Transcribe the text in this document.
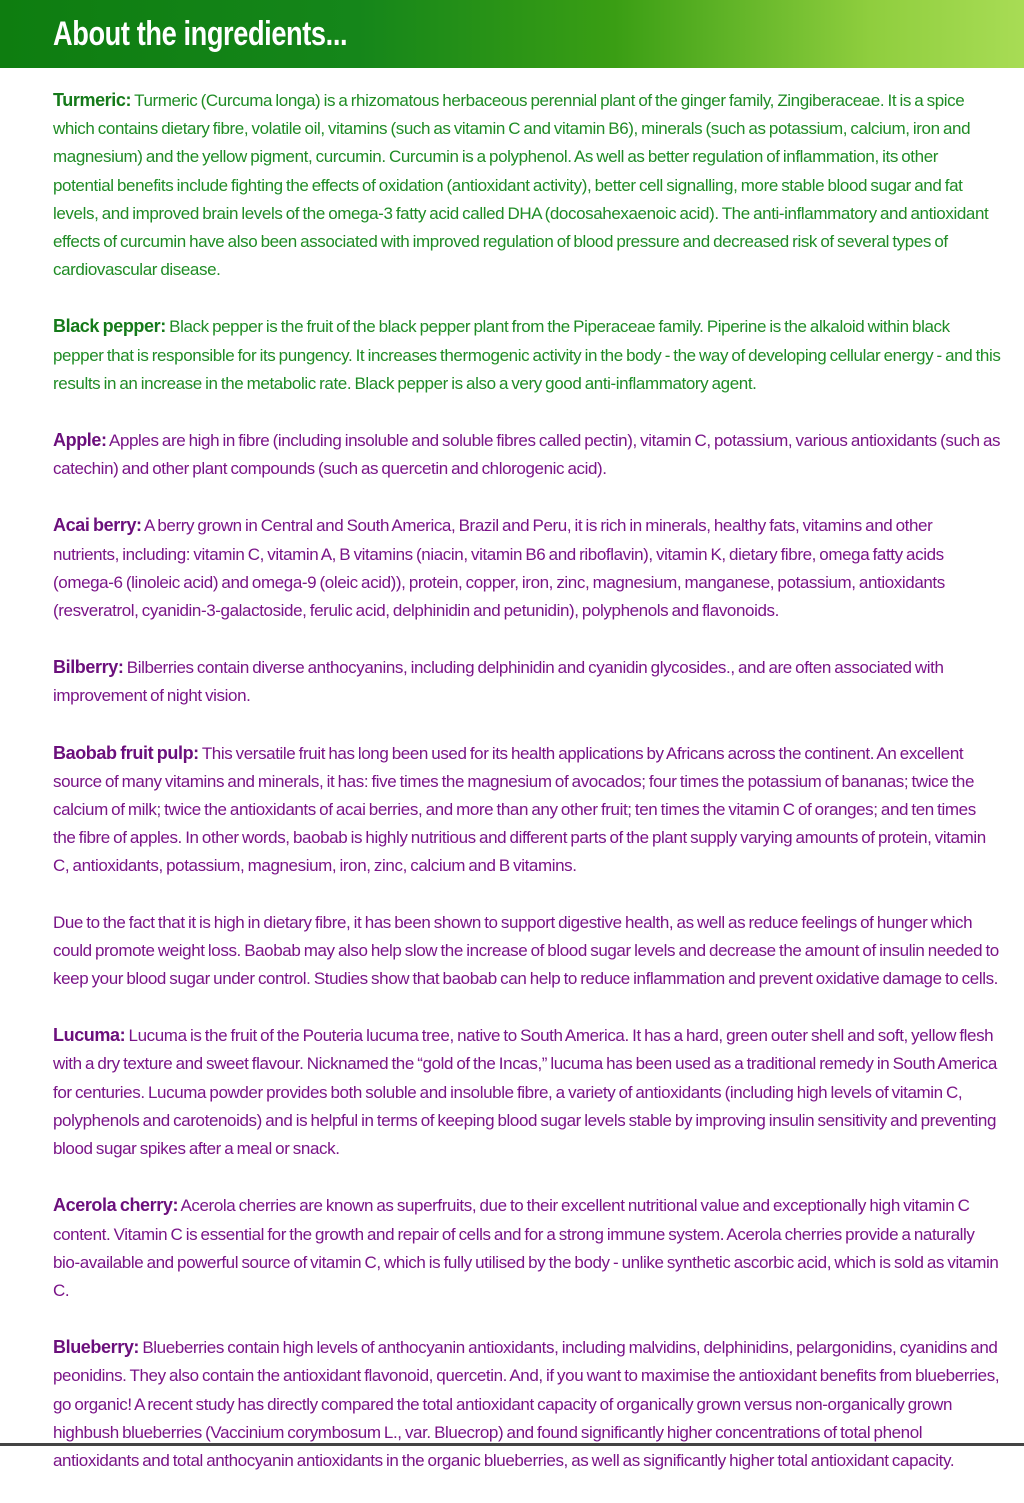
About the ingredients...

Turmeric: Turmeric (Curcuma longa) is a rhizomatous herbaceous perennial plant of the ginger family, Zingiberaceae. It is a spice which contains dietary fibre, volatile oil, vitamins (such as vitamin C and vitamin B6), minerals (such as potassium, calcium, iron and magnesium) and the yellow pigment, curcumin. Curcumin is a polyphenol. As well as better regulation of inflammation, its other potential benefits include fighting the effects of oxidation (antioxidant activity), better cell signalling, more stable blood sugar and fat levels, and improved brain levels of the omega-3 fatty acid called DHA (docosahexaenoic acid). The anti-inflammatory and antioxidant effects of curcumin have also been associated with improved regulation of blood pressure and decreased risk of several types of cardiovascular disease.

Black pepper: Black pepper is the fruit of the black pepper plant from the Piperaceae family. Piperine is the alkaloid within black pepper that is responsible for its pungency. It increases thermogenic activity in the body - the way of developing cellular energy - and this results in an increase in the metabolic rate. Black pepper is also a very good anti-inflammatory agent.

Apple: Apples are high in fibre (including insoluble and soluble fibres called pectin), vitamin C, potassium, various antioxidants (such as catechin) and other plant compounds (such as quercetin and chlorogenic acid).

Acai berry: A berry grown in Central and South America, Brazil and Peru, it is rich in minerals, healthy fats, vitamins and other nutrients, including: vitamin C, vitamin A, B vitamins (niacin, vitamin B6 and riboflavin), vitamin K, dietary fibre, omega fatty acids (omega-6 (linoleic acid) and omega-9 (oleic acid)), protein, copper, iron, zinc, magnesium, manganese, potassium, antioxidants (resveratrol, cyanidin-3-galactoside, ferulic acid, delphinidin and petunidin), polyphenols and flavonoids.

Bilberry: Bilberries contain diverse anthocyanins, including delphinidin and cyanidin glycosides., and are often associated with improvement of night vision.

Baobab fruit pulp: This versatile fruit has long been used for its health applications by Africans across the continent. An excellent source of many vitamins and minerals, it has: five times the magnesium of avocados; four times the potassium of bananas; twice the calcium of milk; twice the antioxidants of acai berries, and more than any other fruit; ten times the vitamin C of oranges; and ten times the fibre of apples. In other words, baobab is highly nutritious and different parts of the plant supply varying amounts of protein, vitamin C, antioxidants, potassium, magnesium, iron, zinc, calcium and B vitamins.

Due to the fact that it is high in dietary fibre, it has been shown to support digestive health, as well as reduce feelings of hunger which could promote weight loss. Baobab may also help slow the increase of blood sugar levels and decrease the amount of insulin needed to keep your blood sugar under control. Studies show that baobab can help to reduce inflammation and prevent oxidative damage to cells.

Lucuma: Lucuma is the fruit of the Pouteria lucuma tree, native to South America. It has a hard, green outer shell and soft, yellow flesh with a dry texture and sweet flavour. Nicknamed the “gold of the Incas,” lucuma has been used as a traditional remedy in South America for centuries. Lucuma powder provides both soluble and insoluble fibre, a variety of antioxidants (including high levels of vitamin C, polyphenols and carotenoids) and is helpful in terms of keeping blood sugar levels stable by improving insulin sensitivity and preventing blood sugar spikes after a meal or snack.

Acerola cherry: Acerola cherries are known as superfruits, due to their excellent nutritional value and exceptionally high vitamin C content. Vitamin C is essential for the growth and repair of cells and for a strong immune system. Acerola cherries provide a naturally bio-available and powerful source of vitamin C, which is fully utilised by the body - unlike synthetic ascorbic acid, which is sold as vitamin C.

Blueberry: Blueberries contain high levels of anthocyanin antioxidants, including malvidins, delphinidins, pelargonidins, cyanidins and peonidins. They also contain the antioxidant flavonoid, quercetin. And, if you want to maximise the antioxidant benefits from blueberries, go organic! A recent study has directly compared the total antioxidant capacity of organically grown versus non-organically grown highbush blueberries (Vaccinium corymbosum L., var. Bluecrop) and found significantly higher concentrations of total phenol antioxidants and total anthocyanin antioxidants in the organic blueberries, as well as significantly higher total antioxidant capacity.
